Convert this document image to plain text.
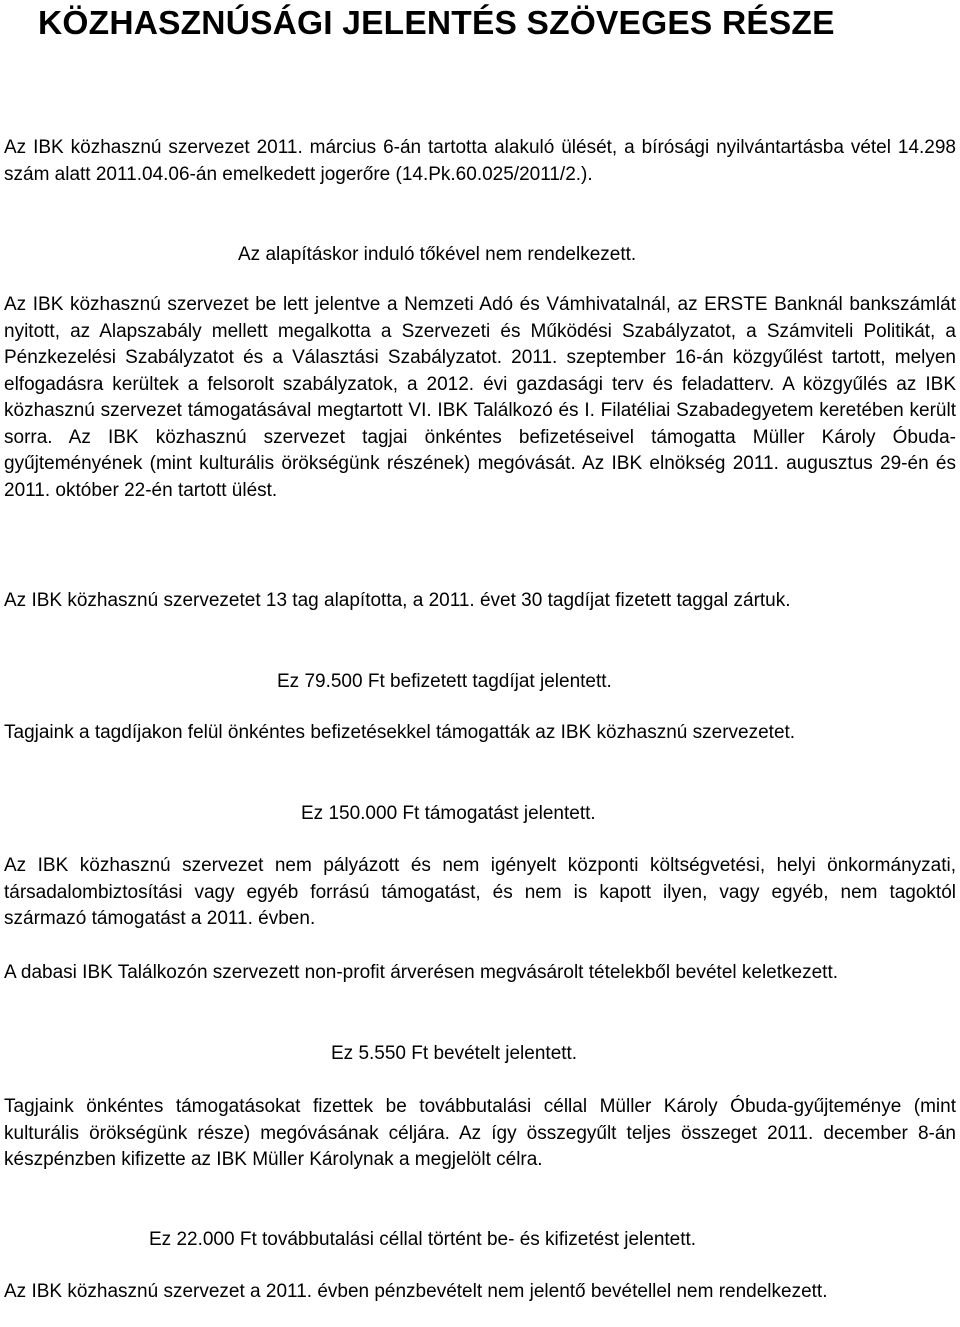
KÖZHASZNÚSÁGI JELENTÉS SZÖVEGES RÉSZE

Az IBK közhasznú szervezet 2011. március 6-án tartotta alakuló ülését, a bírósági nyilvántartásba vétel 14.298 szám alatt 2011.04.06-án emelkedett jogerőre (14.Pk.60.025/2011/2.).

Az alapításkor induló tőkével nem rendelkezett.

Az IBK közhasznú szervezet be lett jelentve a Nemzeti Adó és Vámhivatalnál, az ERSTE Banknál bankszámlát nyitott, az Alapszabály mellett megalkotta a Szervezeti és Működési Szabályzatot, a Számviteli Politikát, a Pénzkezelési Szabályzatot és a Választási Szabályzatot. 2011. szeptember 16-án közgyűlést tartott, melyen elfogadásra kerültek a felsorolt szabályzatok, a 2012. évi gazdasági terv és feladatterv. A közgyűlés az IBK közhasznú szervezet támogatásával megtartott VI. IBK Találkozó és I. Filatéliai Szabadegyetem keretében került sorra. Az IBK közhasznú szervezet tagjai önkéntes befizetéseivel támogatta Müller Károly Óbuda-gyűjteményének (mint kulturális örökségünk részének) megóvását. Az IBK elnökség 2011. augusztus 29-én és 2011. október 22-én tartott ülést.

Az IBK közhasznú szervezetet 13 tag alapította, a 2011. évet 30 tagdíjat fizetett taggal zártuk.

Ez 79.500 Ft befizetett tagdíjat jelentett.

Tagjaink a tagdíjakon felül önkéntes befizetésekkel támogatták az IBK közhasznú szervezetet.

Ez 150.000 Ft támogatást jelentett.

Az IBK közhasznú szervezet nem pályázott és nem igényelt központi költségvetési, helyi önkormányzati, társadalombiztosítási vagy egyéb forrású támogatást, és nem is kapott ilyen, vagy egyéb, nem tagoktól származó támogatást a 2011. évben.

A dabasi IBK Találkozón szervezett non-profit árverésen megvásárolt tételekből bevétel keletkezett.

Ez 5.550 Ft bevételt jelentett.

Tagjaink önkéntes támogatásokat fizettek be továbbutalási céllal Müller Károly Óbuda-gyűjteménye (mint kulturális örökségünk része) megóvásának céljára. Az így összegyűlt teljes összeget 2011. december 8-án készpénzben kifizette az IBK Müller Károlynak a megjelölt célra.

Ez 22.000 Ft továbbutalási céllal történt be- és kifizetést jelentett.

Az IBK közhasznú szervezet a 2011. évben pénzbevételt nem jelentő bevétellel nem rendelkezett.
